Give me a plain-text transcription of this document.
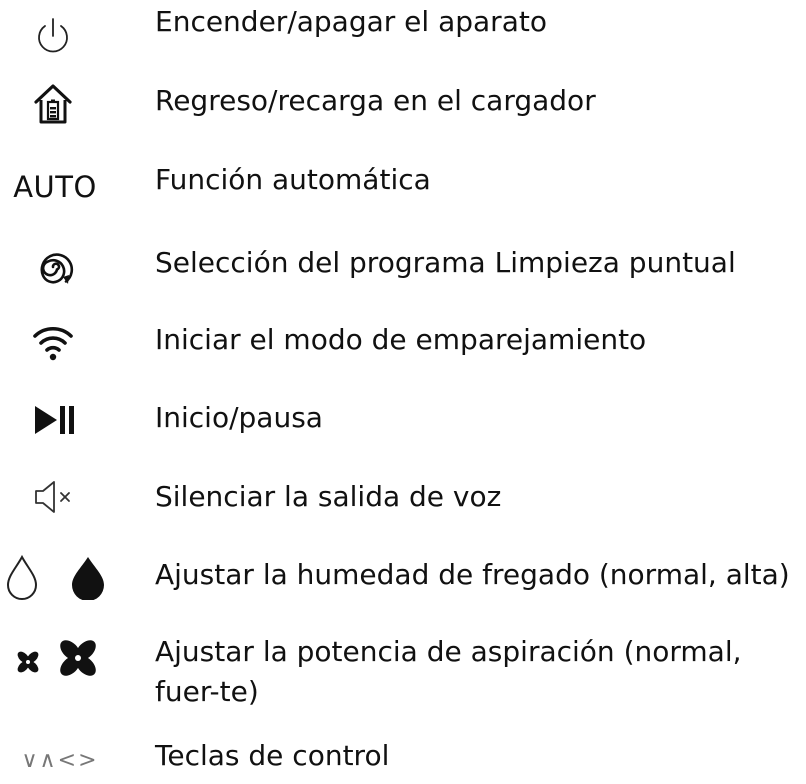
Encender/apagar el aparato
Regreso/recarga en el cargador
AUTO Función automática
Selección del programa Limpieza puntual
Iniciar el modo de emparejamiento
Inicio/pausa
Silenciar la salida de voz
Ajustar la humedad de fregado (normal, alta)
Ajustar la potencia de aspiración (normal, fuer-te)
∨∧<> Teclas de control
